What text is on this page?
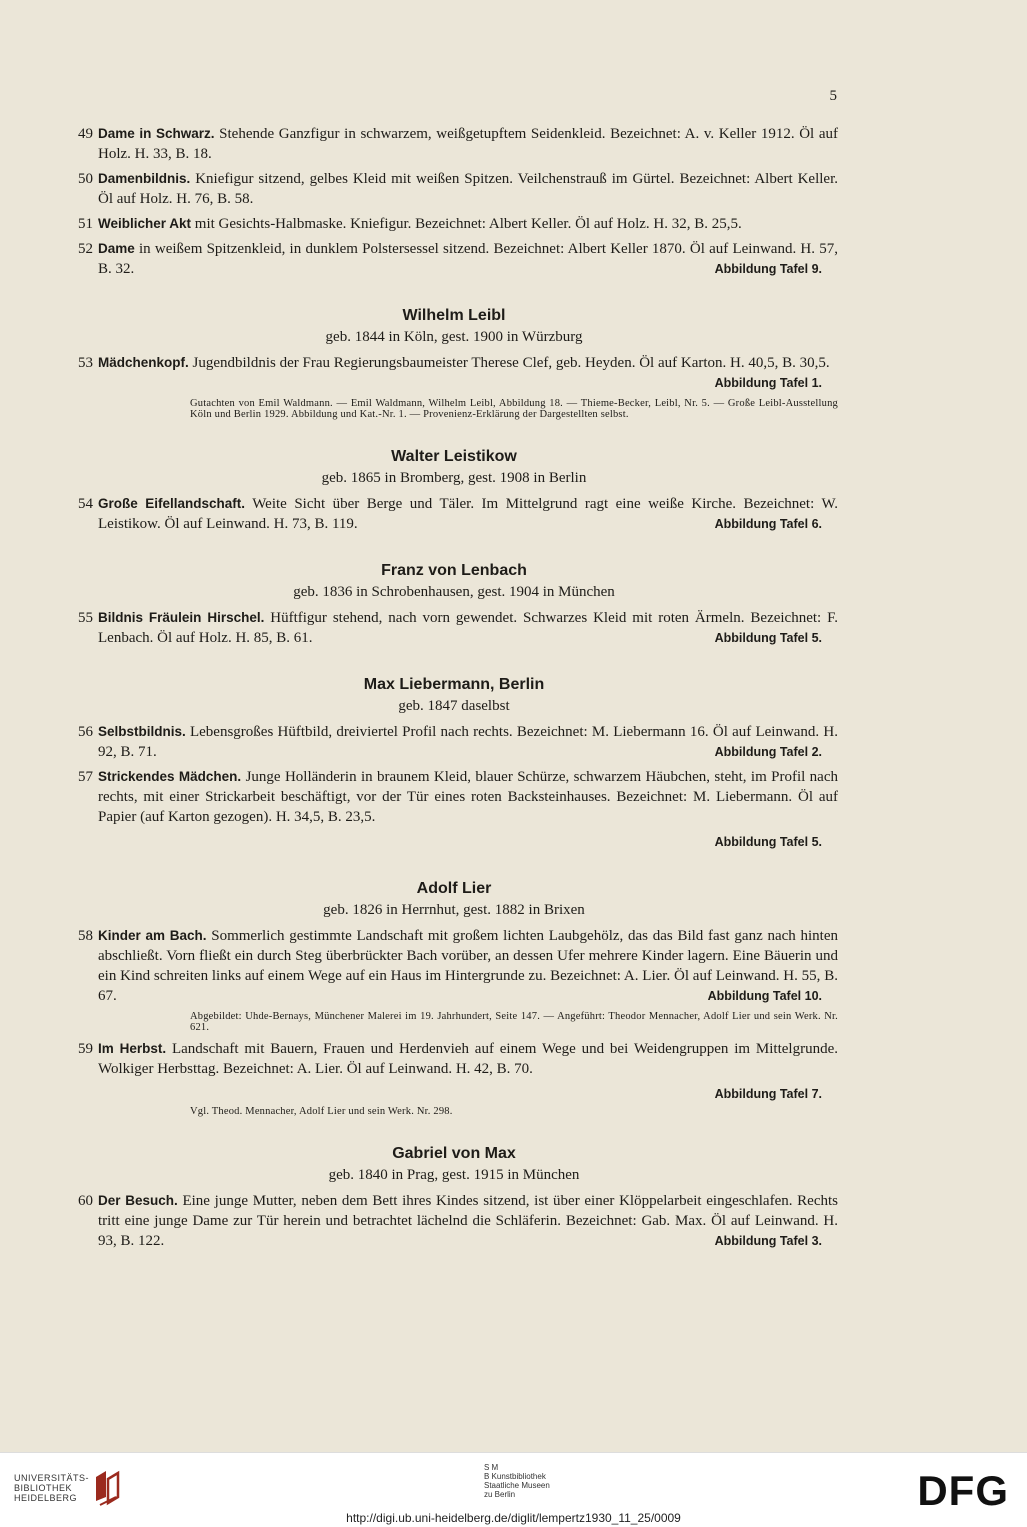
5
49 Dame in Schwarz. Stehende Ganzfigur in schwarzem, weißgetupftem Seidenkleid. Bezeichnet: A. v. Keller 1912. Öl auf Holz. H. 33, B. 18.
50 Damenbildnis. Kniefigur sitzend, gelbes Kleid mit weißen Spitzen. Veilchenstrauß im Gürtel. Bezeichnet: Albert Keller. Öl auf Holz. H. 76, B. 58.
51 Weiblicher Akt mit Gesichts-Halbmaske. Kniefigur. Bezeichnet: Albert Keller. Öl auf Holz. H. 32, B. 25,5.
52 Dame in weißem Spitzenkleid, in dunklem Polstersessel sitzend. Bezeichnet: Albert Keller 1870. Öl auf Leinwand. H. 57, B. 32.	Abbildung Tafel 9.
Wilhelm Leibl
geb. 1844 in Köln, gest. 1900 in Würzburg
53 Mädchenkopf. Jugendbildnis der Frau Regierungsbaumeister Therese Clef, geb. Heyden. Öl auf Karton. H. 40,5, B. 30,5.
Abbildung Tafel 1.
Gutachten von Emil Waldmann. — Emil Waldmann, Wilhelm Leibl, Abbildung 18. — Thieme-Becker, Leibl, Nr. 5. — Große Leibl-Ausstellung Köln und Berlin 1929. Abbildung und Kat.-Nr. 1. — Provenienz-Erklärung der Dargestellten selbst.
Walter Leistikow
geb. 1865 in Bromberg, gest. 1908 in Berlin
54 Große Eifellandschaft. Weite Sicht über Berge und Täler. Im Mittelgrund ragt eine weiße Kirche. Bezeichnet: W. Leistikow. Öl auf Leinwand. H. 73, B. 119.	Abbildung Tafel 6.
Franz von Lenbach
geb. 1836 in Schrobenhausen, gest. 1904 in München
55 Bildnis Fräulein Hirschel. Hüftfigur stehend, nach vorn gewendet. Schwarzes Kleid mit roten Ärmeln. Bezeichnet: F. Lenbach. Öl auf Holz. H. 85, B. 61.	Abbildung Tafel 5.
Max Liebermann, Berlin
geb. 1847 daselbst
56 Selbstbildnis. Lebensgroßes Hüftbild, dreiviertel Profil nach rechts. Bezeichnet: M. Liebermann 16. Öl auf Leinwand. H. 92, B. 71.	Abbildung Tafel 2.
57 Strickendes Mädchen. Junge Holländerin in braunem Kleid, blauer Schürze, schwarzem Häubchen, steht, im Profil nach rechts, mit einer Strickarbeit beschäftigt, vor der Tür eines roten Backsteinhauses. Bezeichnet: M. Liebermann. Öl auf Papier (auf Karton gezogen). H. 34,5, B. 23,5.
Abbildung Tafel 5.
Adolf Lier
geb. 1826 in Herrnhut, gest. 1882 in Brixen
58 Kinder am Bach. Sommerlich gestimmte Landschaft mit großem lichten Laubgehölz, das das Bild fast ganz nach hinten abschließt. Vorn fließt ein durch Steg überbrückter Bach vorüber, an dessen Ufer mehrere Kinder lagern. Eine Bäuerin und ein Kind schreiten links auf einem Wege auf ein Haus im Hintergrunde zu. Bezeichnet: A. Lier. Öl auf Leinwand. H. 55, B. 67.	Abbildung Tafel 10.
Abgebildet: Uhde-Bernays, Münchener Malerei im 19. Jahrhundert, Seite 147. — Angeführt: Theodor Mennacher, Adolf Lier und sein Werk. Nr. 621.
59 Im Herbst. Landschaft mit Bauern, Frauen und Herdenvieh auf einem Wege und bei Weidengruppen im Mittelgrunde. Wolkiger Herbsttag. Bezeichnet: A. Lier. Öl auf Leinwand. H. 42, B. 70.
Abbildung Tafel 7.
Vgl. Theod. Mennacher, Adolf Lier und sein Werk. Nr. 298.
Gabriel von Max
geb. 1840 in Prag, gest. 1915 in München
60 Der Besuch. Eine junge Mutter, neben dem Bett ihres Kindes sitzend, ist über einer Klöppelarbeit eingeschlafen. Rechts tritt eine junge Dame zur Tür herein und betrachtet lächelnd die Schläferin. Bezeichnet: Gab. Max. Öl auf Leinwand. H. 93, B. 122.	Abbildung Tafel 3.
UNIVERSITÄTS-
BIBLIOTHEK
HEIDELBERG
S M
B Kunstbibliothek
Staatliche Museen
zu Berlin
http://digi.ub.uni-heidelberg.de/diglit/lempertz1930_11_25/0009
DFG
